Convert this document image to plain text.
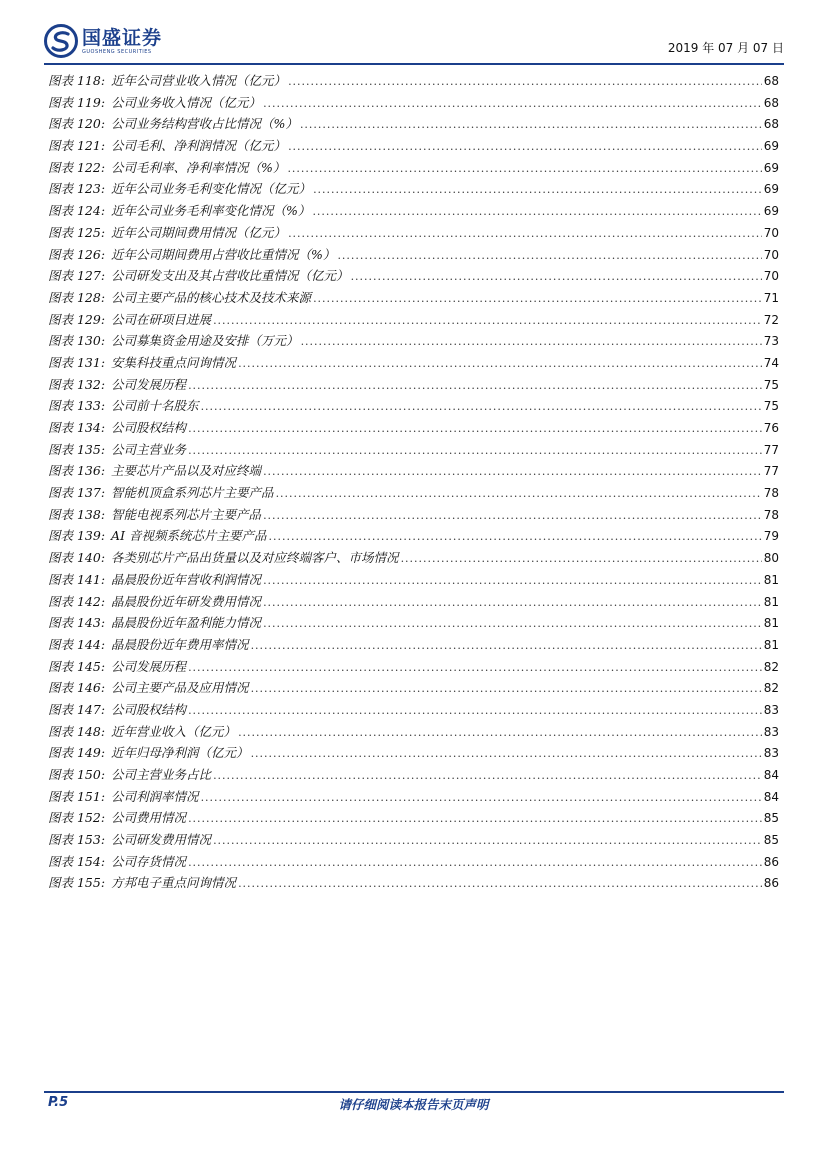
国盛证券
GUOSHENG SECURITIES	2019 年 07 月 07 日
图表 118: 近年公司营业收入情况（亿元） .....	68
图表 119: 公司业务收入情况（亿元） .....	68
图表 120: 公司业务结构营收占比情况（%） .....	68
图表 121: 公司毛利、净利润情况（亿元） .....	69
图表 122: 公司毛利率、净利率情况（%） .....	69
图表 123: 近年公司业务毛利变化情况（亿元） .....	69
图表 124: 近年公司业务毛利率变化情况（%） .....	69
图表 125: 近年公司期间费用情况（亿元） .....	70
图表 126: 近年公司期间费用占营收比重情况（%） .....	70
图表 127: 公司研发支出及其占营收比重情况（亿元） .....	70
图表 128: 公司主要产品的核心技术及技术来源 .....	71
图表 129: 公司在研项目进展 .....	72
图表 130: 公司募集资金用途及安排（万元） .....	73
图表 131: 安集科技重点问询情况 .....	74
图表 132: 公司发展历程 .....	75
图表 133: 公司前十名股东 .....	75
图表 134: 公司股权结构 .....	76
图表 135: 公司主营业务 .....	77
图表 136: 主要芯片产品以及对应终端 .....	77
图表 137: 智能机顶盒系列芯片主要产品 .....	78
图表 138: 智能电视系列芯片主要产品 .....	78
图表 139: AI 音视频系统芯片主要产品 .....	79
图表 140: 各类别芯片产品出货量以及对应终端客户、市场情况 .....	80
图表 141: 晶晨股份近年营收利润情况 .....	81
图表 142: 晶晨股份近年研发费用情况 .....	81
图表 143: 晶晨股份近年盈利能力情况 .....	81
图表 144: 晶晨股份近年费用率情况 .....	81
图表 145: 公司发展历程 .....	82
图表 146: 公司主要产品及应用情况 .....	82
图表 147: 公司股权结构 .....	83
图表 148: 近年营业收入（亿元） .....	83
图表 149: 近年归母净利润（亿元） .....	83
图表 150: 公司主营业务占比 .....	84
图表 151: 公司利润率情况 .....	84
图表 152: 公司费用情况 .....	85
图表 153: 公司研发费用情况 .....	85
图表 154: 公司存货情况 .....	86
图表 155: 方邦电子重点问询情况 .....	86
P.5	请仔细阅读本报告末页声明
